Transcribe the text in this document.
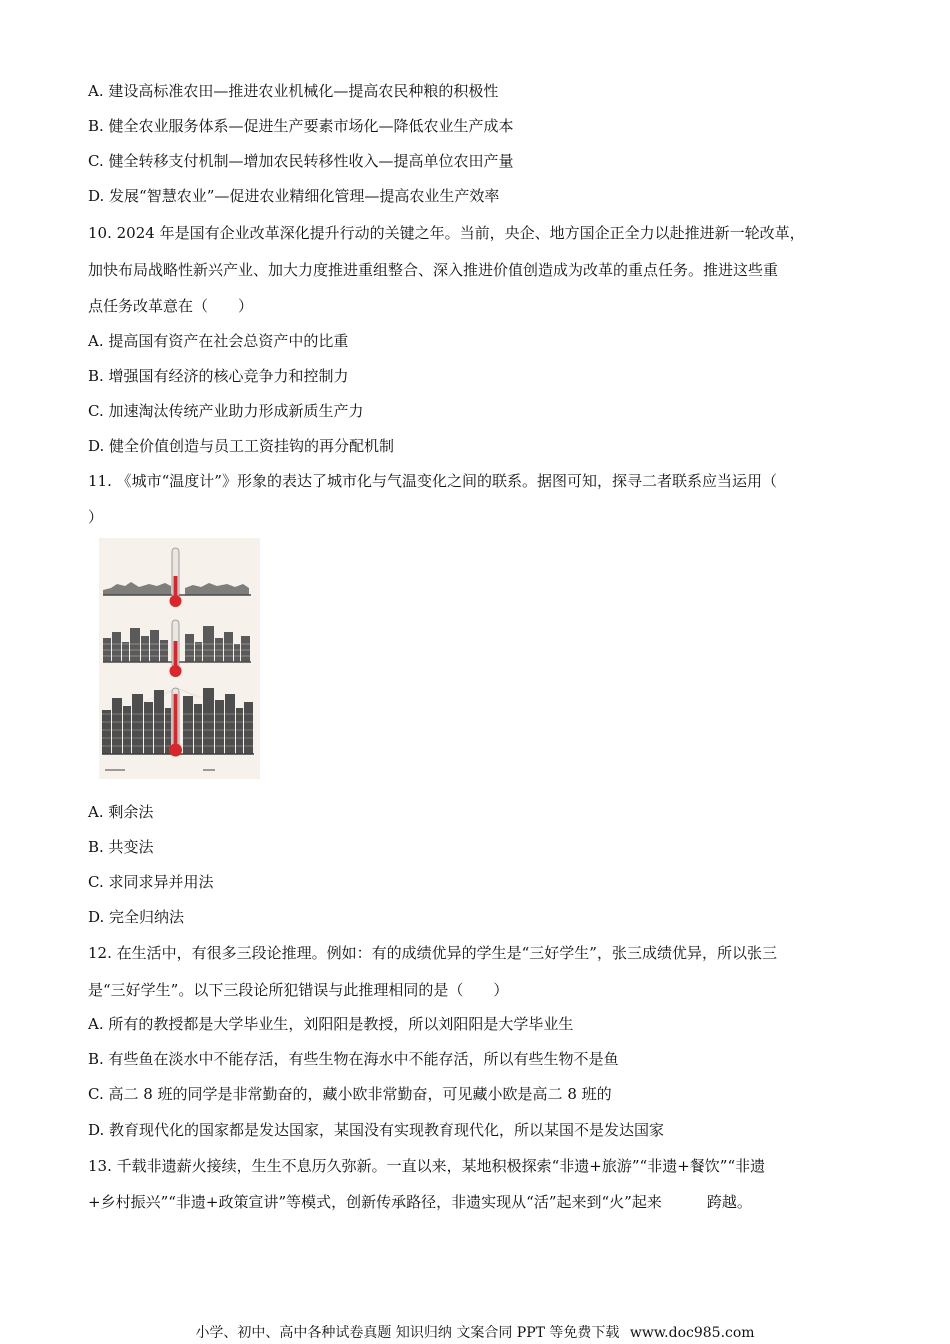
A. 建设高标准农田—推进农业机械化—提高农民种粮的积极性
B. 健全农业服务体系—促进生产要素市场化—降低农业生产成本
C. 健全转移支付机制—增加农民转移性收入—提高单位农田产量
D. 发展“智慧农业”—促进农业精细化管理—提高农业生产效率
10. 2024 年是国有企业改革深化提升行动的关键之年。当前，央企、地方国企正全力以赴推进新一轮改革，
加快布局战略性新兴产业、加大力度推进重组整合、深入推进价值创造成为改革的重点任务。推进这些重
点任务改革意在（　　）
A. 提高国有资产在社会总资产中的比重
B. 增强国有经济的核心竞争力和控制力
C. 加速淘汰传统产业助力形成新质生产力
D. 健全价值创造与员工工资挂钩的再分配机制
11. 《城市“温度计”》形象的表达了城市化与气温变化之间的联系。据图可知，探寻二者联系应当运用（
）
A. 剩余法
B. 共变法
C. 求同求异并用法
D. 完全归纳法
12. 在生活中，有很多三段论推理。例如：有的成绩优异的学生是“三好学生”，张三成绩优异，所以张三
是“三好学生”。以下三段论所犯错误与此推理相同的是（　　）
A. 所有的教授都是大学毕业生，刘阳阳是教授，所以刘阳阳是大学毕业生
B. 有些鱼在淡水中不能存活，有些生物在海水中不能存活，所以有些生物不是鱼
C. 高二 8 班的同学是非常勤奋的，藏小欧非常勤奋，可见藏小欧是高二 8 班的
D. 教育现代化的国家都是发达国家，某国没有实现教育现代化，所以某国不是发达国家
13. 千载非遗薪火接续，生生不息历久弥新。一直以来，某地积极探索“非遗+旅游”“非遗+餐饮”“非遗
+乡村振兴”“非遗+政策宣讲”等模式，创新传承路径，非遗实现从“活”起来到“火”起来　　　跨越。
小学、初中、高中各种试卷真题 知识归纳 文案合同 PPT 等免费下载 www.doc985.com
